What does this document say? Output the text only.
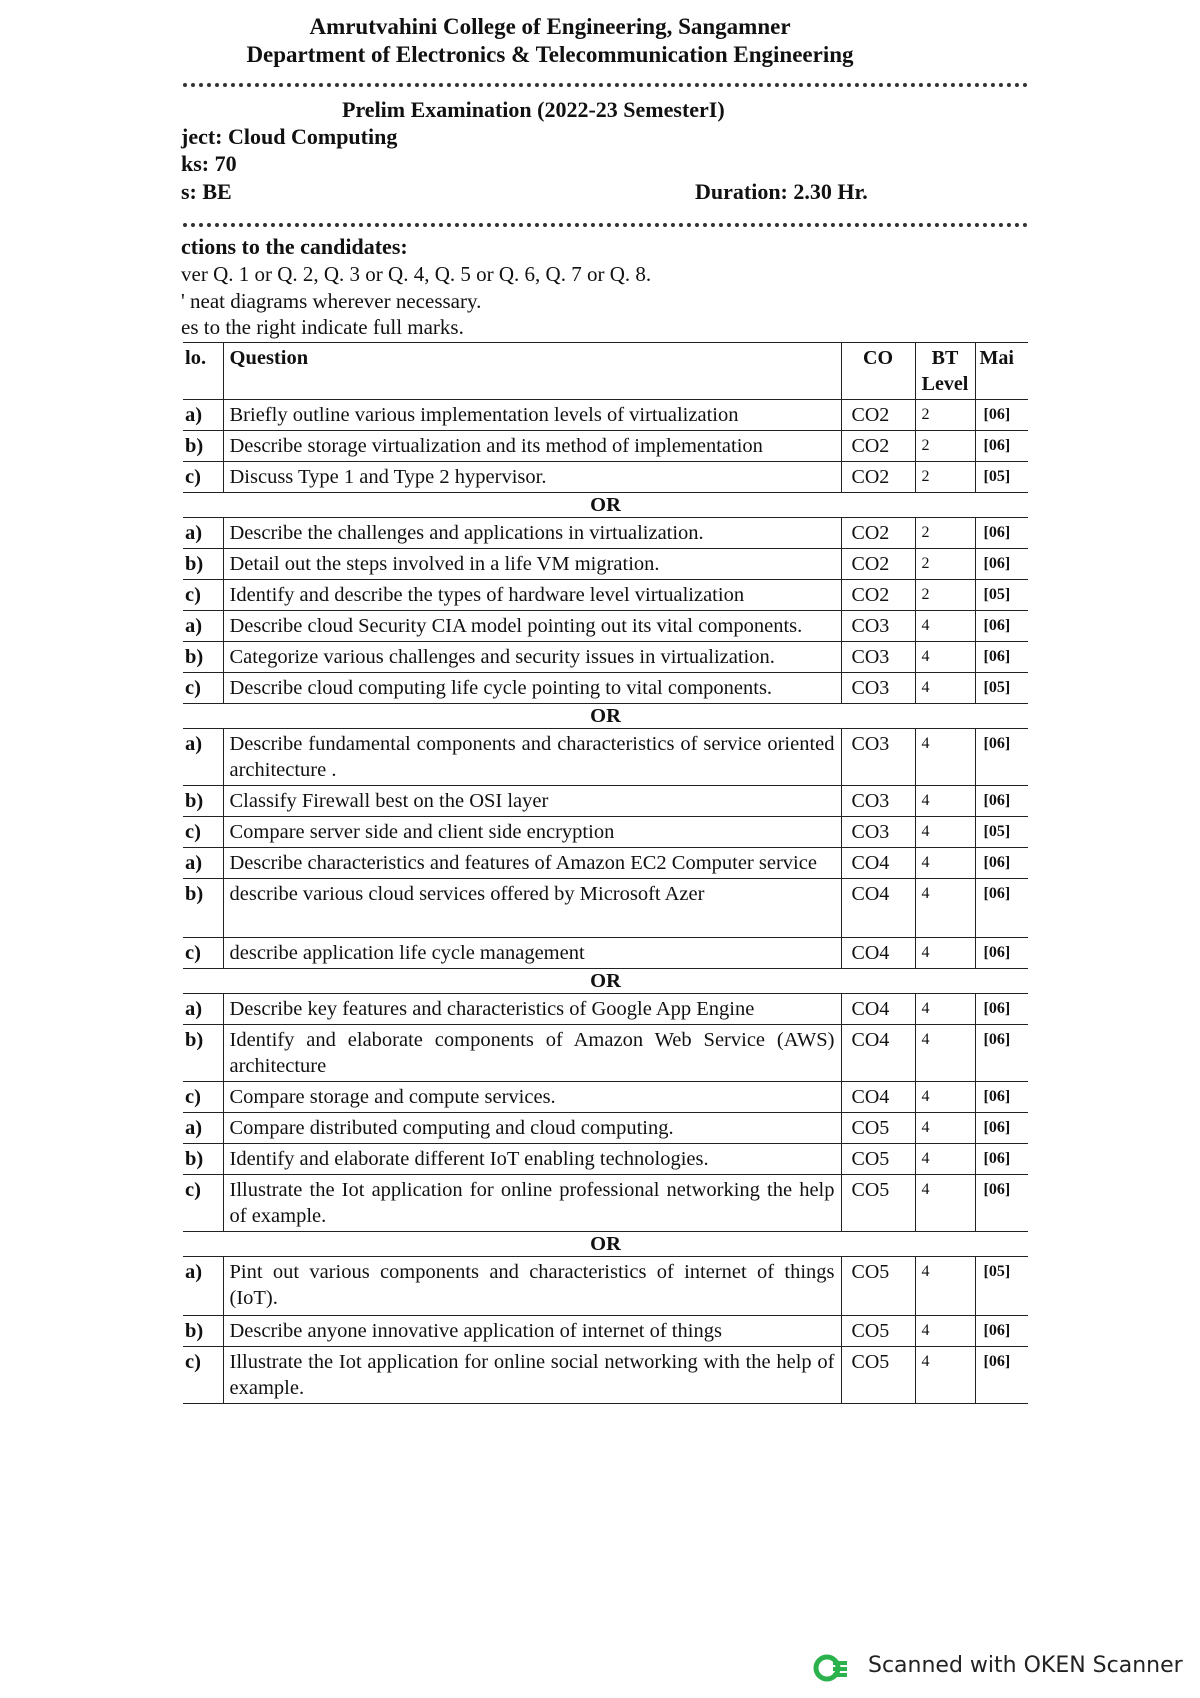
Amrutvahini College of Engineering, Sangamner
Department of Electronics & Telecommunication Engineering
Prelim Examination (2022-23 SemesterI)
ject: Cloud Computing
ks: 70
s: BE	Duration: 2.30 Hr.
ctions to the candidates:
ver Q. 1 or Q. 2, Q. 3 or Q. 4, Q. 5 or Q. 6, Q. 7 or Q. 8.
' neat diagrams wherever necessary.
es to the right indicate full marks.
lo.	Question	CO	BT Level	Mai
a)	Briefly outline various implementation levels of virtualization	CO2	2	[06]
b)	Describe storage virtualization and its method of implementation	CO2	2	[06]
c)	Discuss Type 1 and Type 2 hypervisor.	CO2	2	[05]
OR				
a)	Describe the challenges and applications in virtualization.	CO2	2	[06]
b)	Detail out the steps involved in a life VM migration.	CO2	2	[06]
c)	Identify and describe the types of hardware level virtualization	CO2	2	[05]
a)	Describe cloud Security CIA model pointing out its vital components.	CO3	4	[06]
b)	Categorize various challenges and security issues in virtualization.	CO3	4	[06]
c)	Describe cloud computing life cycle pointing to vital components.	CO3	4	[05]
OR				
a)	Describe fundamental components and characteristics of service oriented architecture .	CO3	4	[06]
b)	Classify Firewall best on the OSI layer	CO3	4	[06]
c)	Compare server side and client side encryption	CO3	4	[05]
a)	Describe characteristics and features of Amazon EC2 Computer service	CO4	4	[06]
b)	describe various cloud services offered by Microsoft Azer	CO4	4	[06]
c)	describe application life cycle management	CO4	4	[06]
OR				
a)	Describe key features and characteristics of Google App Engine	CO4	4	[06]
b)	Identify and elaborate components of Amazon Web Service (AWS) architecture	CO4	4	[06]
c)	Compare storage and compute services.	CO4	4	[06]
a)	Compare distributed computing and cloud computing.	CO5	4	[06]
b)	Identify and elaborate different IoT enabling technologies.	CO5	4	[06]
c)	Illustrate the Iot application for online professional networking the help of example.	CO5	4	[06]
OR				
a)	Pint out various components and characteristics of internet of things (IoT).	CO5	4	[05]
b)	Describe anyone innovative application of internet of things	CO5	4	[06]
c)	Illustrate the Iot application for online social networking with the help of example.	CO5	4	[06]
Scanned with OKEN Scanner
